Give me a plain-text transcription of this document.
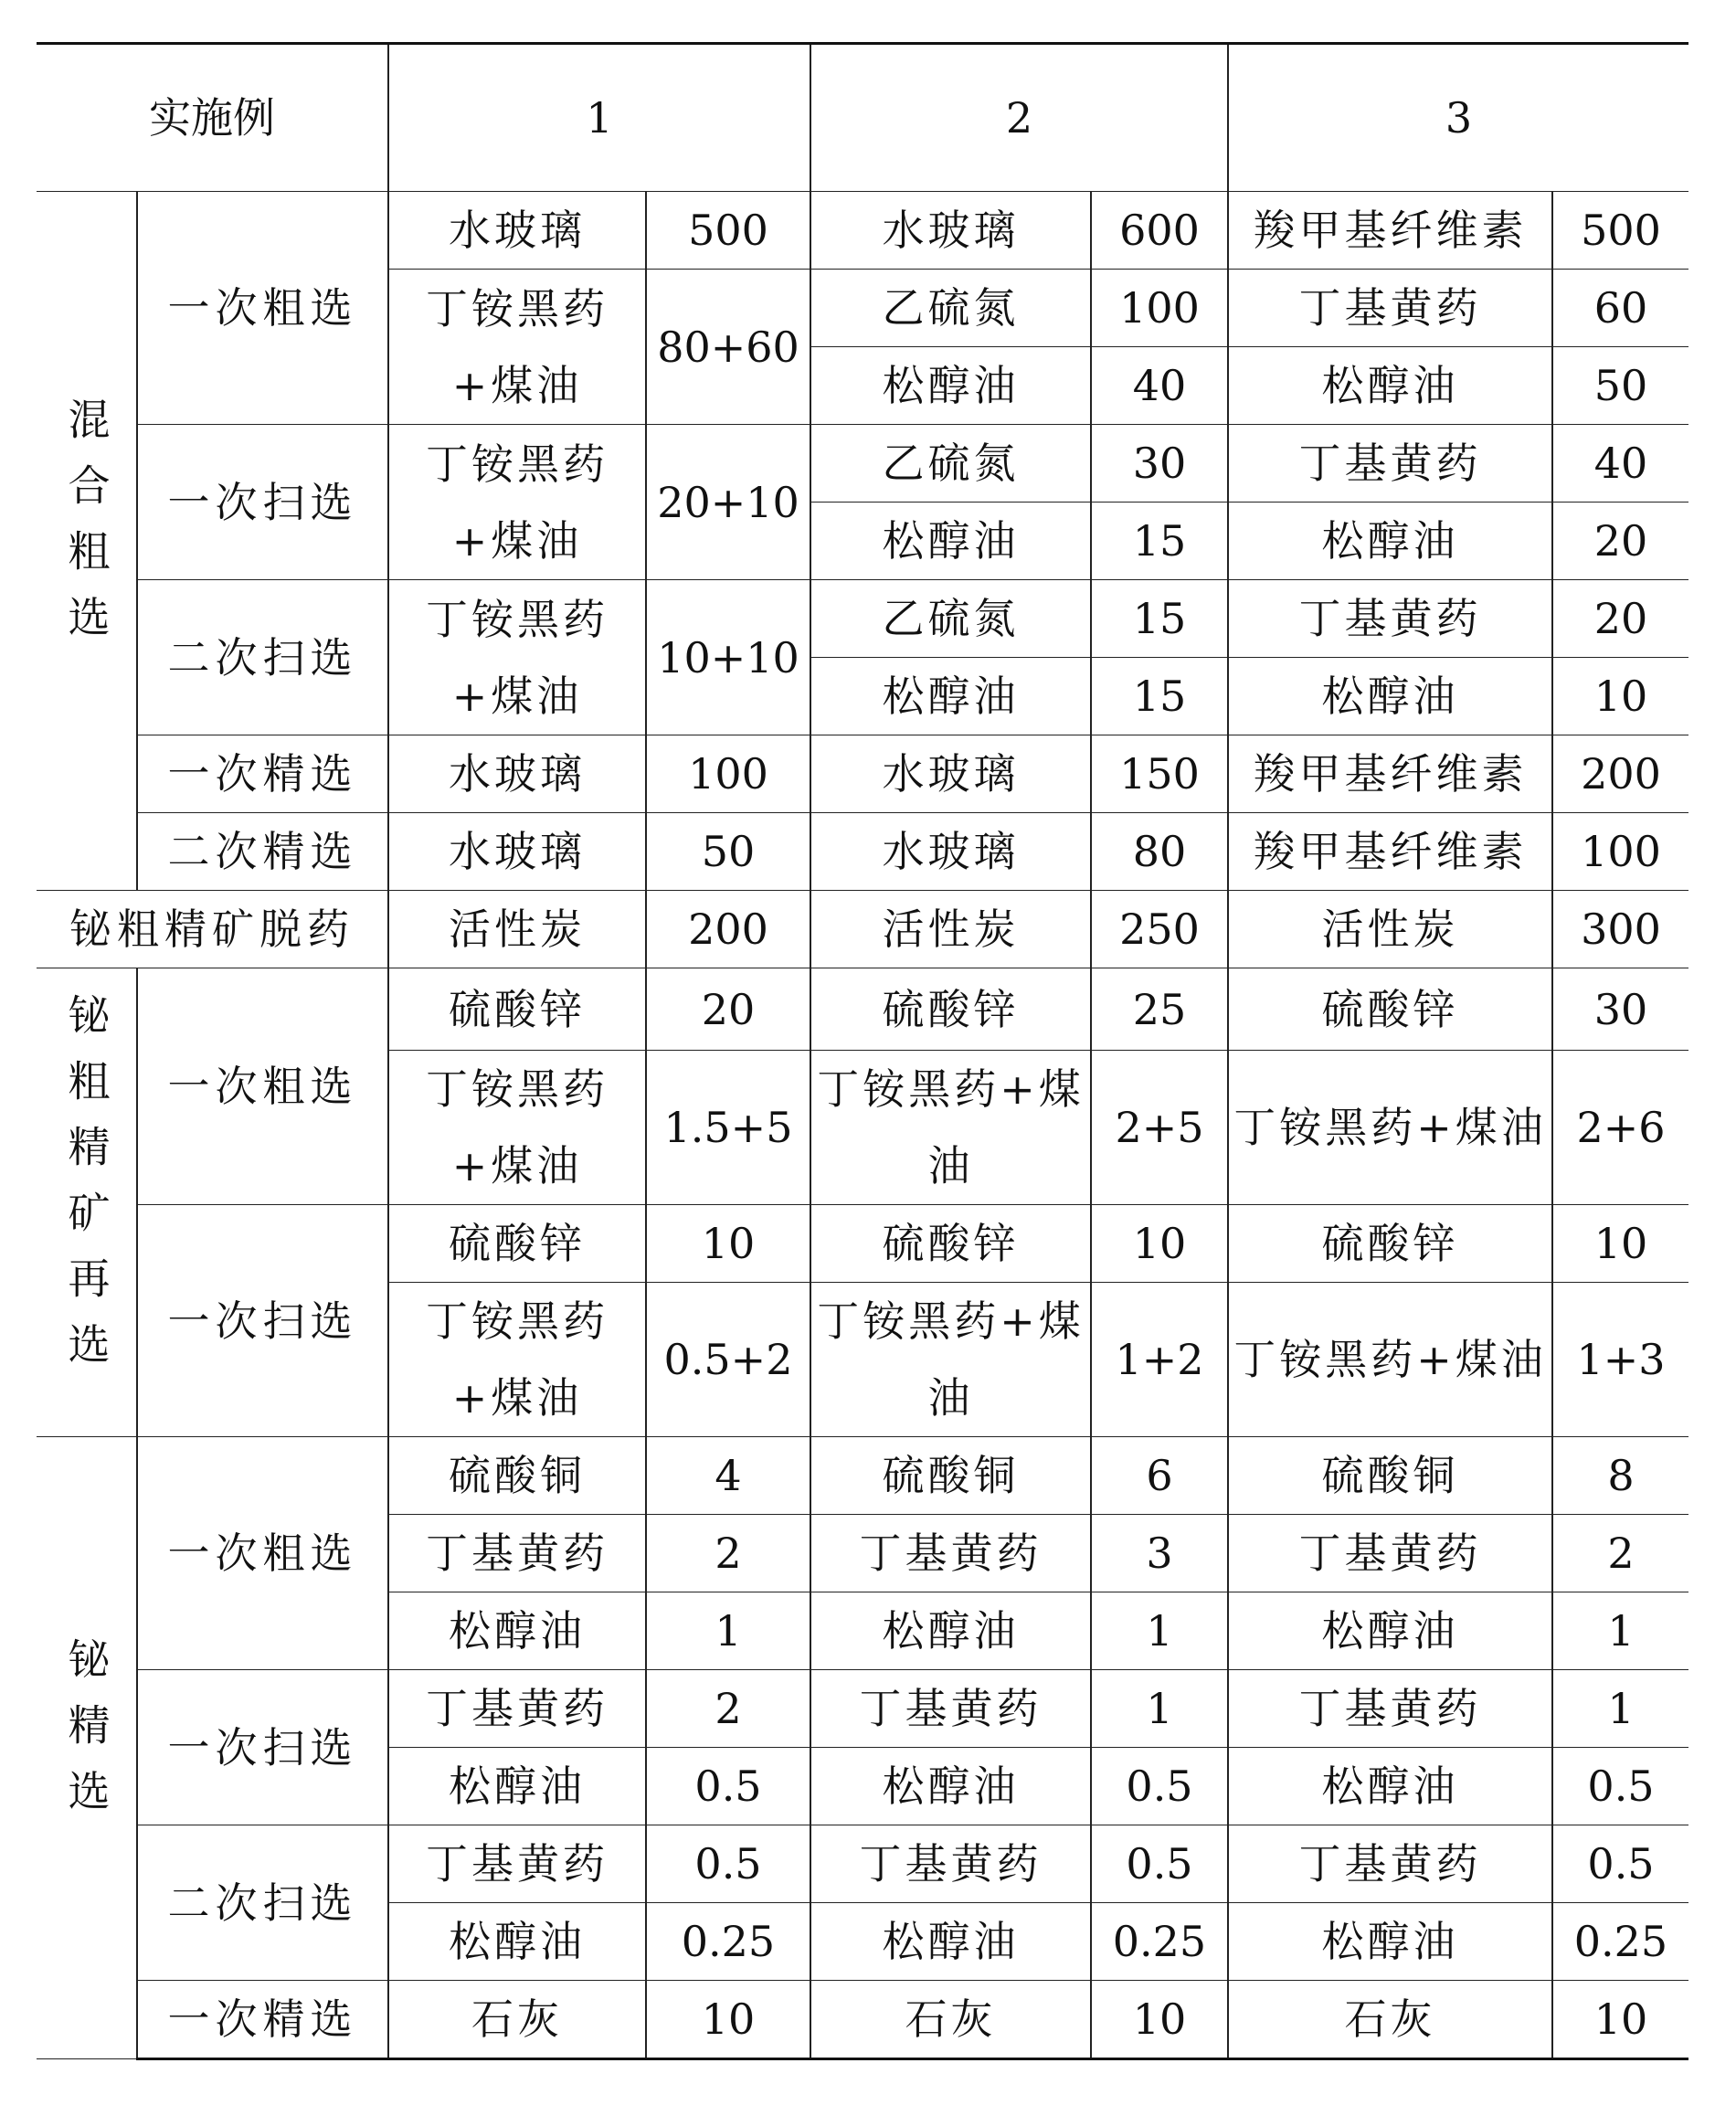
实施例		1		2		3	
混合粗选	一次粗选	水玻璃	500	水玻璃	600	羧甲基纤维素	500
		丁铵黑药+煤油	80+60	乙硫氮	100	丁基黄药	60
				松醇油	40	松醇油	50
	一次扫选	丁铵黑药+煤油	20+10	乙硫氮	30	丁基黄药	40
				松醇油	15	松醇油	20
	二次扫选	丁铵黑药+煤油	10+10	乙硫氮	15	丁基黄药	20
				松醇油	15	松醇油	10
	一次精选	水玻璃	100	水玻璃	150	羧甲基纤维素	200
	二次精选	水玻璃	50	水玻璃	80	羧甲基纤维素	100
铋粗精矿脱药		活性炭	200	活性炭	250	活性炭	300
铋粗精矿再选	一次粗选	硫酸锌	20	硫酸锌	25	硫酸锌	30
		丁铵黑药+煤油	1.5+5	丁铵黑药+煤油	2+5	丁铵黑药+煤油	2+6
	一次扫选	硫酸锌	10	硫酸锌	10	硫酸锌	10
		丁铵黑药+煤油	0.5+2	丁铵黑药+煤油	1+2	丁铵黑药+煤油	1+3
铋精选	一次粗选	硫酸铜	4	硫酸铜	6	硫酸铜	8
		丁基黄药	2	丁基黄药	3	丁基黄药	2
		松醇油	1	松醇油	1	松醇油	1
	一次扫选	丁基黄药	2	丁基黄药	1	丁基黄药	1
		松醇油	0.5	松醇油	0.5	松醇油	0.5
	二次扫选	丁基黄药	0.5	丁基黄药	0.5	丁基黄药	0.5
		松醇油	0.25	松醇油	0.25	松醇油	0.25
	一次精选	石灰	10	石灰	10	石灰	10
